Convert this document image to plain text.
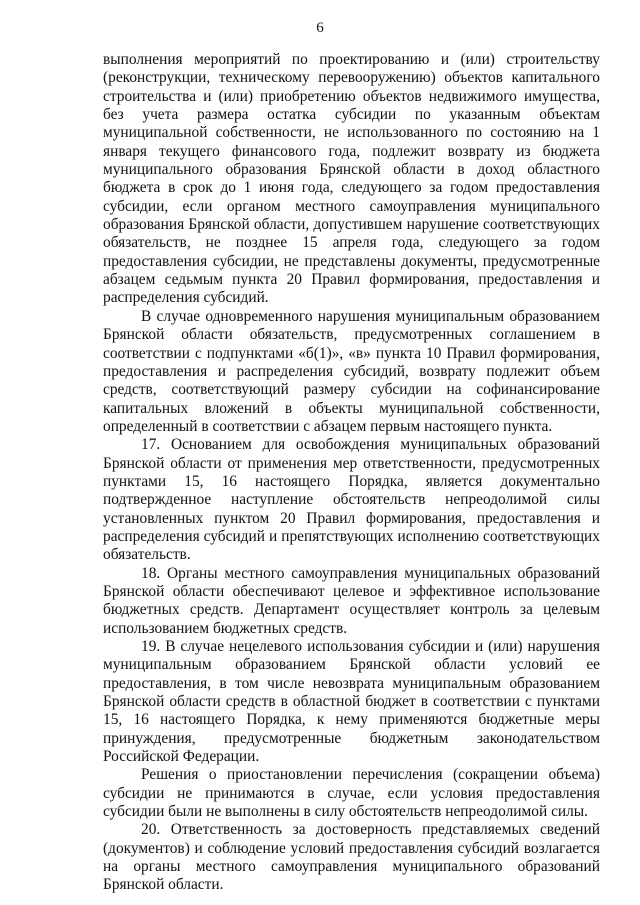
6

выполнения мероприятий по проектированию и (или) строительству (реконструкции, техническому перевооружению) объектов капитального строительства и (или) приобретению объектов недвижимого имущества, без учета размера остатка субсидии по указанным объектам муниципальной собственности, не использованного по состоянию на 1 января текущего финансового года, подлежит возврату из бюджета муниципального образования Брянской области в доход областного бюджета в срок до 1 июня года, следующего за годом предоставления субсидии, если органом местного самоуправления муниципального образования Брянской области, допустившем нарушение соответствующих обязательств, не позднее 15 апреля года, следующего за годом предоставления субсидии, не представлены документы, предусмотренные абзацем седьмым пункта 20 Правил формирования, предоставления и распределения субсидий.

В случае одновременного нарушения муниципальным образованием Брянской области обязательств, предусмотренных соглашением в соответствии с подпунктами «б(1)», «в» пункта 10 Правил формирования, предоставления и распределения субсидий, возврату подлежит объем средств, соответствующий размеру субсидии на софинансирование капитальных вложений в объекты муниципальной собственности, определенный в соответствии с абзацем первым настоящего пункта.

17. Основанием для освобождения муниципальных образований Брянской области от применения мер ответственности, предусмотренных пунктами 15, 16 настоящего Порядка, является документально подтвержденное наступление обстоятельств непреодолимой силы установленных пунктом 20 Правил формирования, предоставления и распределения субсидий и препятствующих исполнению соответствующих обязательств.

18. Органы местного самоуправления муниципальных образований Брянской области обеспечивают целевое и эффективное использование бюджетных средств. Департамент осуществляет контроль за целевым использованием бюджетных средств.

19. В случае нецелевого использования субсидии и (или) нарушения муниципальным образованием Брянской области условий ее предоставления, в том числе невозврата муниципальным образованием Брянской области средств в областной бюджет в соответствии с пунктами 15, 16 настоящего Порядка, к нему применяются бюджетные меры принуждения, предусмотренные бюджетным законодательством Российской Федерации.

Решения о приостановлении перечисления (сокращении объема) субсидии не принимаются в случае, если условия предоставления субсидии были не выполнены в силу обстоятельств непреодолимой силы.

20. Ответственность за достоверность представляемых сведений (документов) и соблюдение условий предоставления субсидий возлагается на органы местного самоуправления муниципального образований Брянской области.
